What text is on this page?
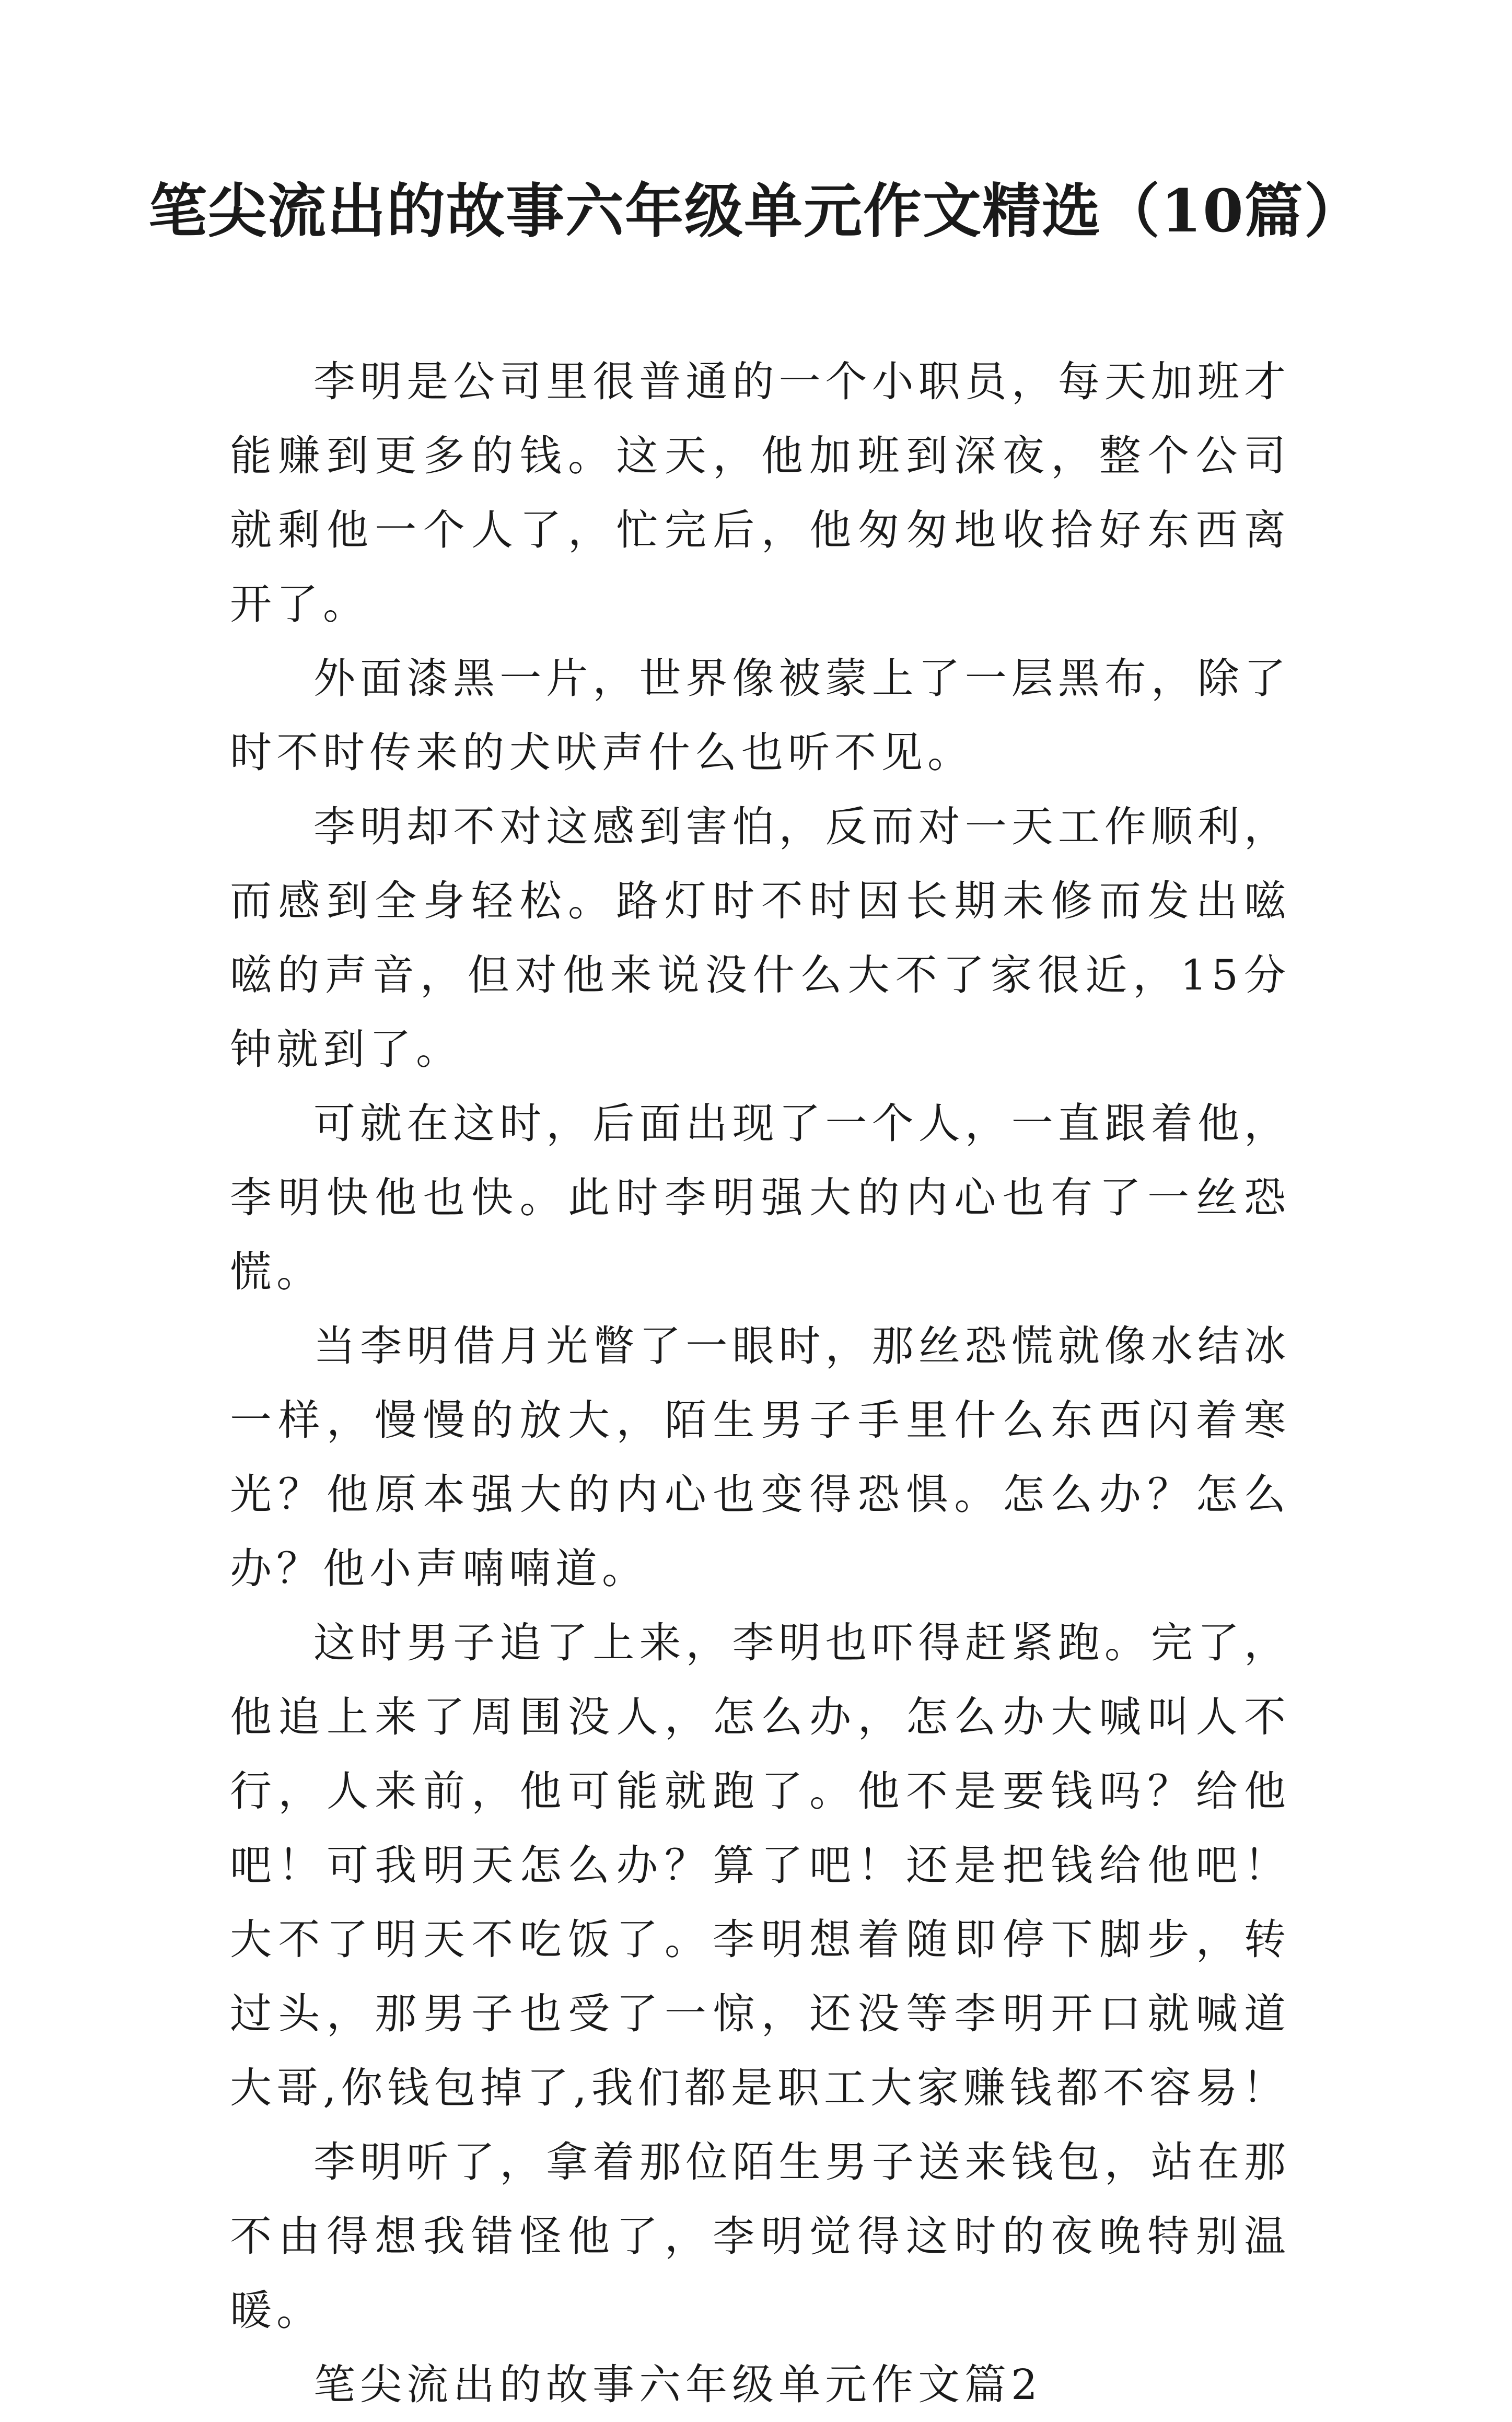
笔尖流出的故事六年级单元作文精选（10篇）

李明是公司里很普通的一个小职员，每天加班才能赚到更多的钱。这天，他加班到深夜，整个公司就剩他一个人了，忙完后，他匆匆地收拾好东西离开了。

外面漆黑一片，世界像被蒙上了一层黑布，除了时不时传来的犬吠声什么也听不见。

李明却不对这感到害怕，反而对一天工作顺利，而感到全身轻松。路灯时不时因长期未修而发出嗞嗞的声音，但对他来说没什么大不了家很近，15分钟就到了。

可就在这时，后面出现了一个人，一直跟着他，李明快他也快。此时李明强大的内心也有了一丝恐慌。

当李明借月光瞥了一眼时，那丝恐慌就像水结冰一样，慢慢的放大，陌生男子手里什么东西闪着寒光？他原本强大的内心也变得恐惧。怎么办？怎么办？他小声喃喃道。

这时男子追了上来，李明也吓得赶紧跑。完了，他追上来了周围没人，怎么办，怎么办大喊叫人不行，人来前，他可能就跑了。他不是要钱吗？给他吧！可我明天怎么办？算了吧！还是把钱给他吧！大不了明天不吃饭了。李明想着随即停下脚步，转过头，那男子也受了一惊，还没等李明开口就喊道大哥,你钱包掉了,我们都是职工大家赚钱都不容易！

李明听了，拿着那位陌生男子送来钱包，站在那不由得想我错怪他了，李明觉得这时的夜晚特别温暖。

笔尖流出的故事六年级单元作文篇2
